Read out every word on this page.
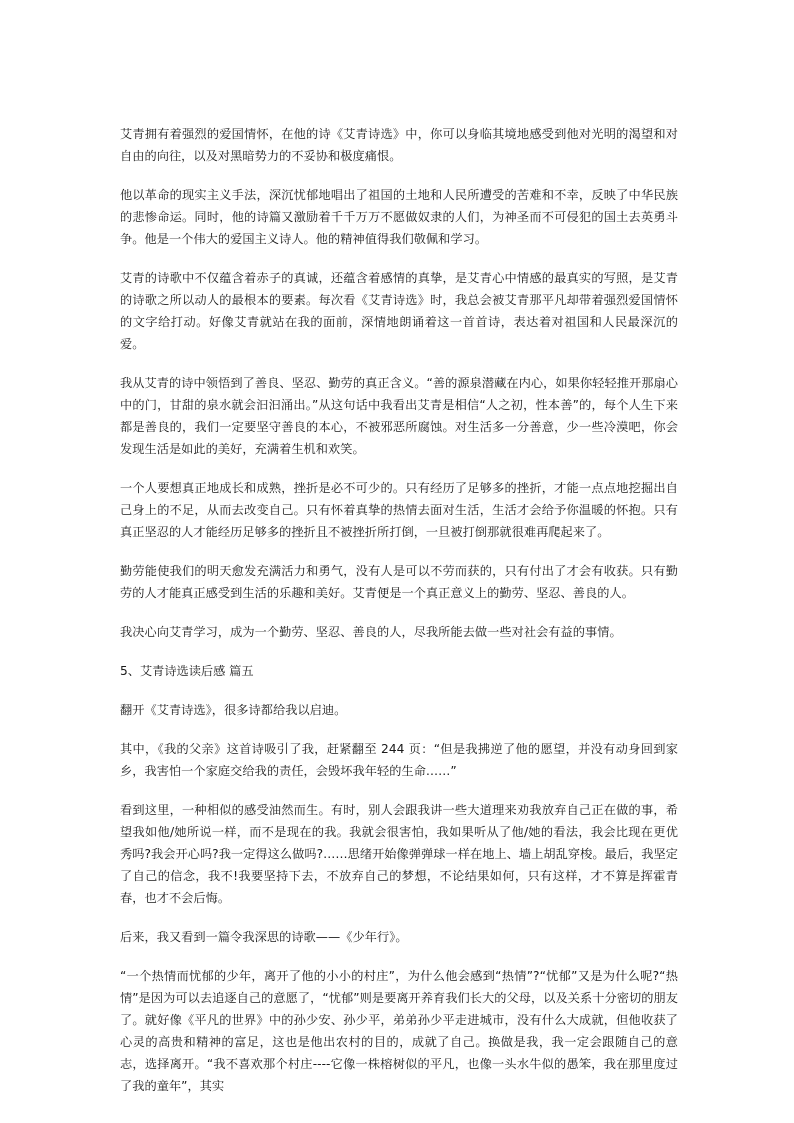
艾青拥有着强烈的爱国情怀，在他的诗《艾青诗选》中，你可以身临其境地感受到他对光明的渴望和对自由的向往，以及对黑暗势力的不妥协和极度痛恨。

他以革命的现实主义手法，深沉忧郁地唱出了祖国的土地和人民所遭受的苦难和不幸，反映了中华民族的悲惨命运。同时，他的诗篇又激励着千千万万不愿做奴隶的人们，为神圣而不可侵犯的国土去英勇斗争。他是一个伟大的爱国主义诗人。他的精神值得我们敬佩和学习。

艾青的诗歌中不仅蕴含着赤子的真诚，还蕴含着感情的真挚，是艾青心中情感的最真实的写照，是艾青的诗歌之所以动人的最根本的要素。每次看《艾青诗选》时，我总会被艾青那平凡却带着强烈爱国情怀的文字给打动。好像艾青就站在我的面前，深情地朗诵着这一首首诗，表达着对祖国和人民最深沉的爱。

我从艾青的诗中领悟到了善良、坚忍、勤劳的真正含义。“善的源泉潜藏在内心，如果你轻轻推开那扇心中的门，甘甜的泉水就会汩汩涌出。”从这句话中我看出艾青是相信“人之初，性本善”的，每个人生下来都是善良的，我们一定要坚守善良的本心，不被邪恶所腐蚀。对生活多一分善意，少一些冷漠吧，你会发现生活是如此的美好，充满着生机和欢笑。

一个人要想真正地成长和成熟，挫折是必不可少的。只有经历了足够多的挫折，才能一点点地挖掘出自己身上的不足，从而去改变自己。只有怀着真挚的热情去面对生活，生活才会给予你温暖的怀抱。只有真正坚忍的人才能经历足够多的挫折且不被挫折所打倒，一旦被打倒那就很难再爬起来了。

勤劳能使我们的明天愈发充满活力和勇气，没有人是可以不劳而获的，只有付出了才会有收获。只有勤劳的人才能真正感受到生活的乐趣和美好。艾青便是一个真正意义上的勤劳、坚忍、善良的人。

我决心向艾青学习，成为一个勤劳、坚忍、善良的人，尽我所能去做一些对社会有益的事情。

5、艾青诗选读后感 篇五

翻开《艾青诗选》，很多诗都给我以启迪。

其中，《我的父亲》这首诗吸引了我，赶紧翻至 244 页：“但是我拂逆了他的愿望，并没有动身回到家乡，我害怕一个家庭交给我的责任，会毁坏我年轻的生命……”

看到这里，一种相似的感受油然而生。有时，别人会跟我讲一些大道理来劝我放弃自己正在做的事，希望我如他/她所说一样，而不是现在的我。我就会很害怕，我如果听从了他/她的看法，我会比现在更优秀吗?我会开心吗?我一定得这么做吗?……思绪开始像弹弹球一样在地上、墙上胡乱穿梭。最后，我坚定了自己的信念，我不!我要坚持下去，不放弃自己的梦想，不论结果如何，只有这样，才不算是挥霍青春，也才不会后悔。

后来，我又看到一篇令我深思的诗歌——《少年行》。

“一个热情而忧郁的少年，离开了他的小小的村庄”，为什么他会感到“热情”?“忧郁”又是为什么呢?“热情”是因为可以去追逐自己的意愿了，“忧郁”则是要离开养育我们长大的父母，以及关系十分密切的朋友了。就好像《平凡的世界》中的孙少安、孙少平，弟弟孙少平走进城市，没有什么大成就，但他收获了心灵的高贵和精神的富足，这也是他出农村的目的，成就了自己。换做是我，我一定会跟随自己的意志，选择离开。“我不喜欢那个村庄----它像一株榕树似的平凡，也像一头水牛似的愚笨，我在那里度过了我的童年”，其实
